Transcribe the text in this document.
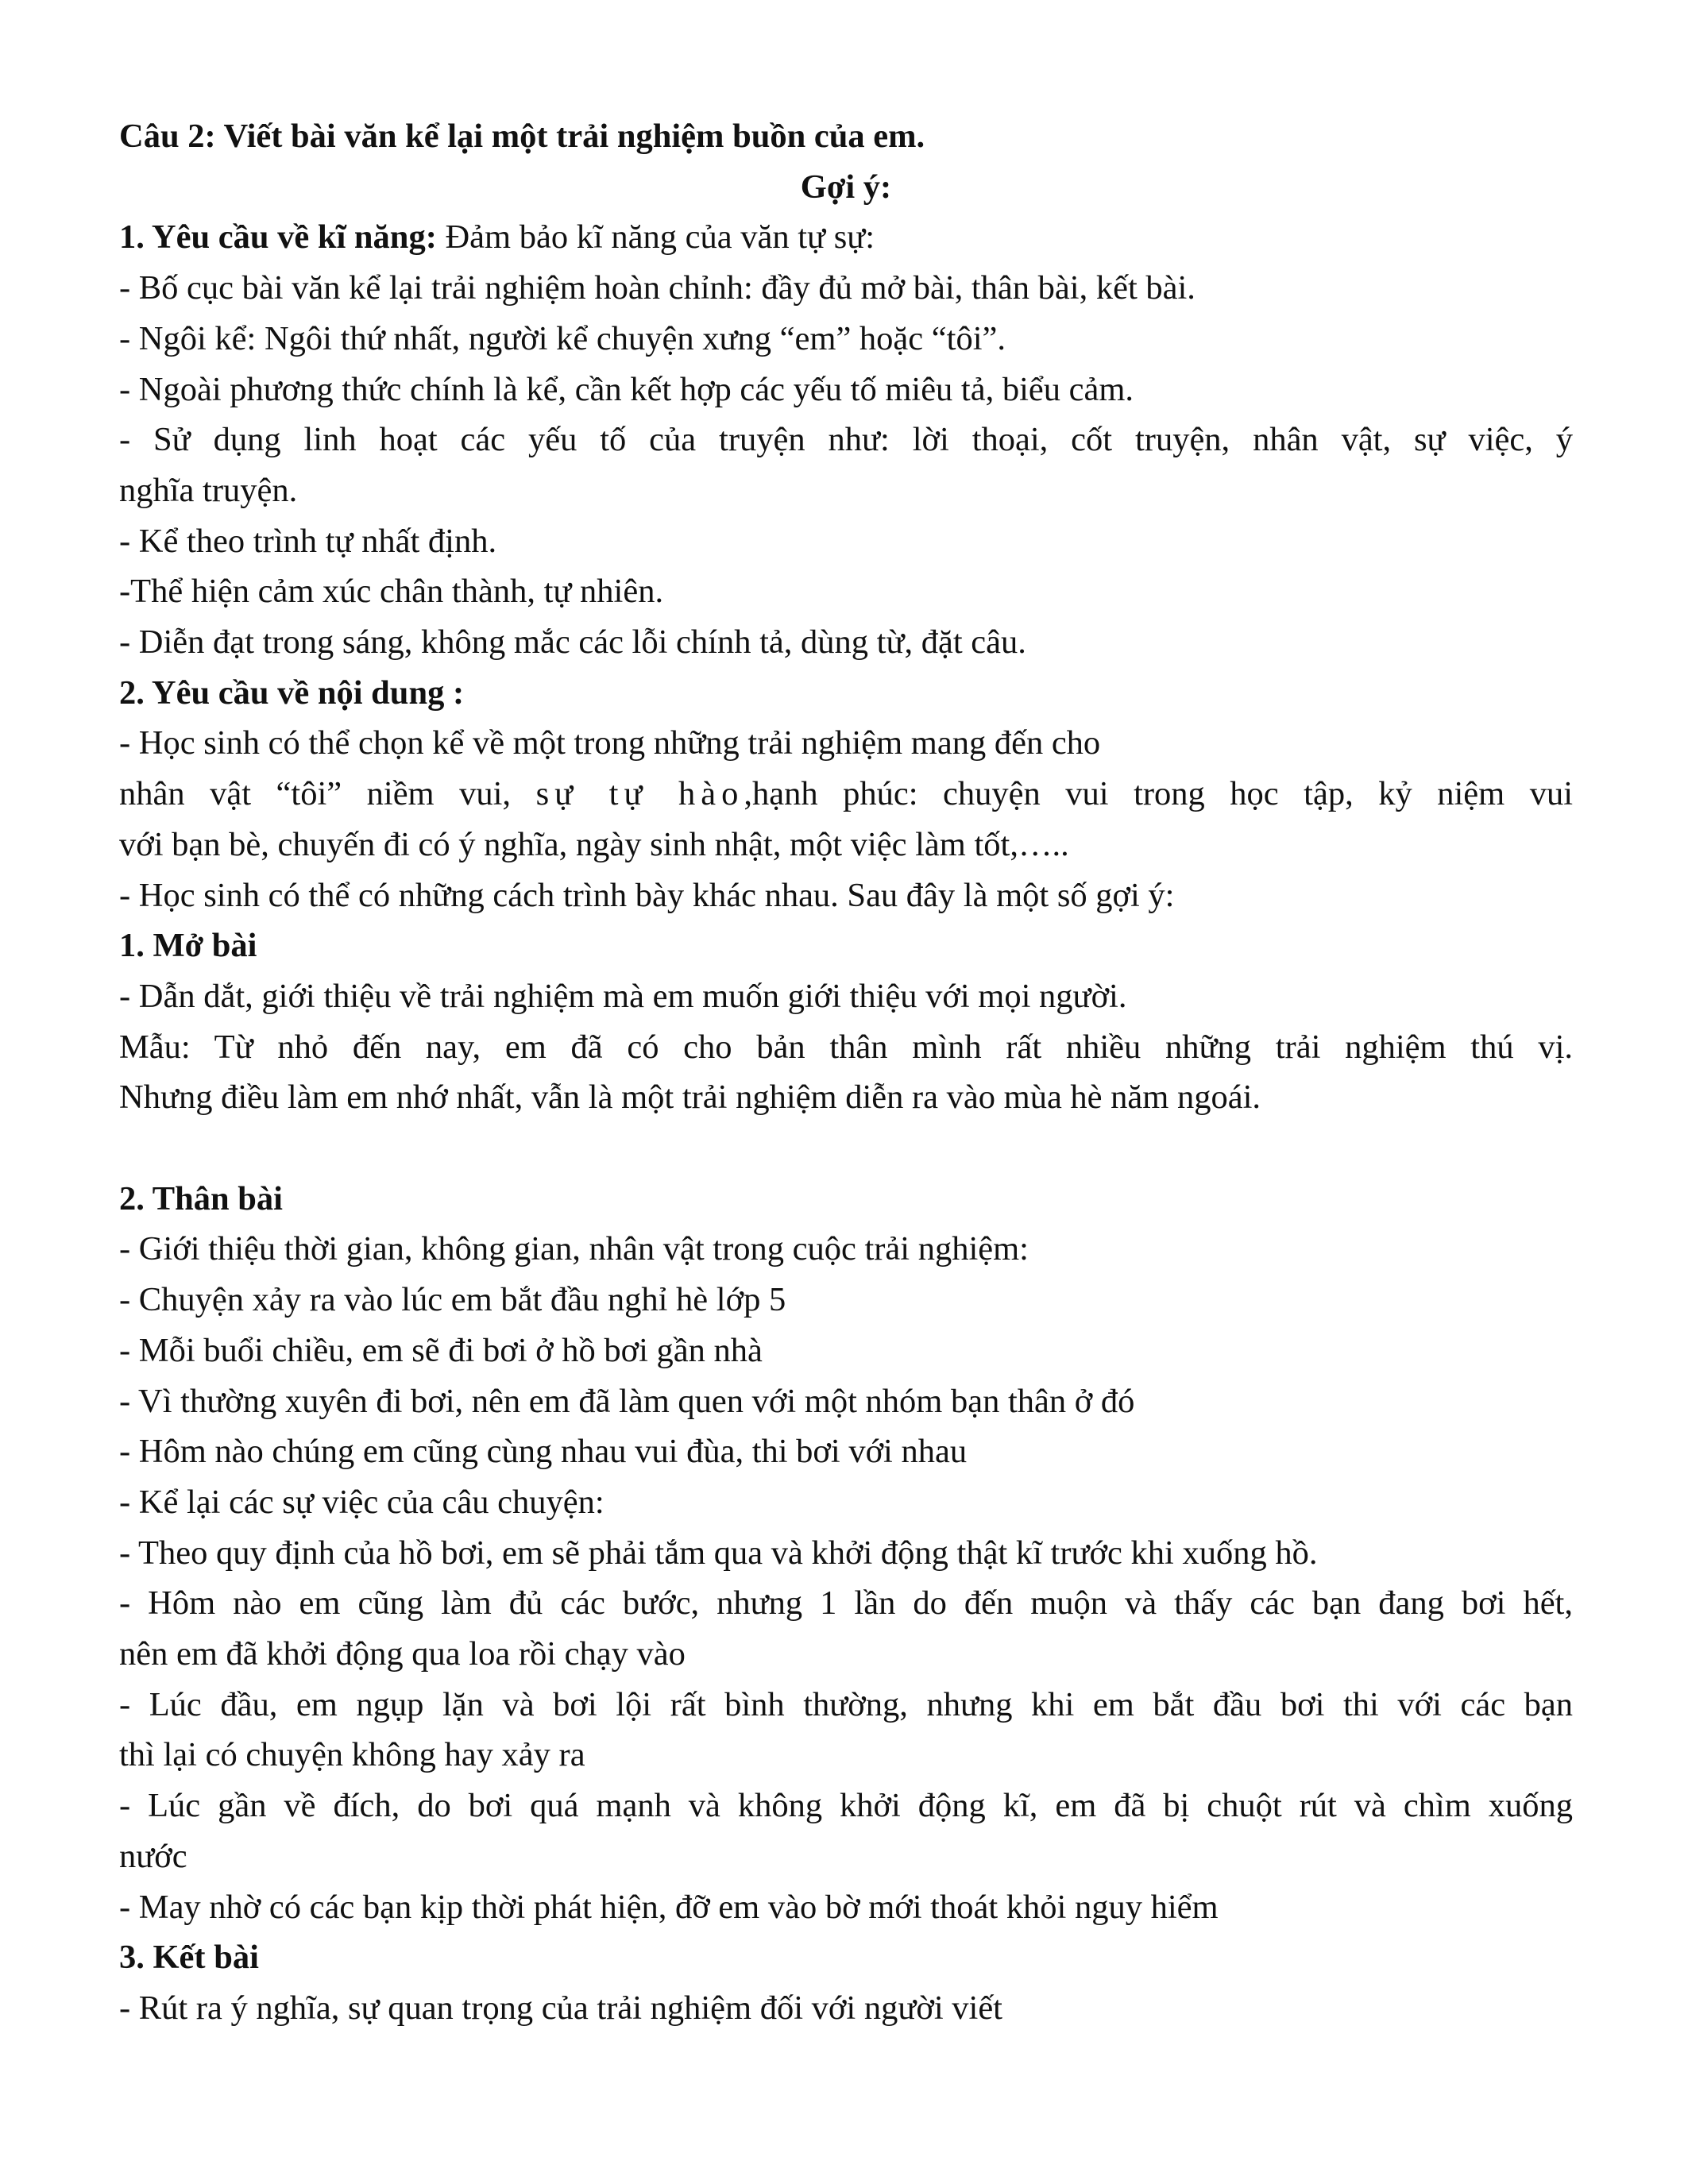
Câu 2: Viết bài văn kể lại một trải nghiệm buồn của em.
Gợi ý:
1. Yêu cầu về kĩ năng: Đảm bảo kĩ năng của văn tự sự:
- Bố cục bài văn kể lại trải nghiệm hoàn chỉnh: đầy đủ mở bài, thân bài, kết bài.
- Ngôi kể: Ngôi thứ nhất, người kể chuyện xưng “em” hoặc “tôi”.
- Ngoài phương thức chính là kể, cần kết hợp các yếu tố miêu tả, biểu cảm.
- Sử dụng linh hoạt các yếu tố của truyện như: lời thoại, cốt truyện, nhân vật, sự việc, ý
nghĩa truyện.
- Kể theo trình tự nhất định.
-Thể hiện cảm xúc chân thành, tự nhiên.
- Diễn đạt trong sáng, không mắc các lỗi chính tả, dùng từ, đặt câu.
2. Yêu cầu về nội dung :
- Học sinh có thể chọn kể về một trong những trải nghiệm mang đến cho
nhân vật “tôi” niềm vui, sự tự hào,hạnh phúc: chuyện vui trong học tập, kỷ niệm vui
với bạn bè, chuyến đi có ý nghĩa, ngày sinh nhật, một việc làm tốt,…..
- Học sinh có thể có những cách trình bày khác nhau. Sau đây là một số gợi ý:
1. Mở bài
- Dẫn dắt, giới thiệu về trải nghiệm mà em muốn giới thiệu với mọi người.
Mẫu: Từ nhỏ đến nay, em đã có cho bản thân mình rất nhiều những trải nghiệm thú vị.
Nhưng điều làm em nhớ nhất, vẫn là một trải nghiệm diễn ra vào mùa hè năm ngoái.
2. Thân bài
- Giới thiệu thời gian, không gian, nhân vật trong cuộc trải nghiệm:
- Chuyện xảy ra vào lúc em bắt đầu nghỉ hè lớp 5
- Mỗi buổi chiều, em sẽ đi bơi ở hồ bơi gần nhà
- Vì thường xuyên đi bơi, nên em đã làm quen với một nhóm bạn thân ở đó
- Hôm nào chúng em cũng cùng nhau vui đùa, thi bơi với nhau
- Kể lại các sự việc của câu chuyện:
- Theo quy định của hồ bơi, em sẽ phải tắm qua và khởi động thật kĩ trước khi xuống hồ.
- Hôm nào em cũng làm đủ các bước, nhưng 1 lần do đến muộn và thấy các bạn đang bơi hết,
nên em đã khởi động qua loa rồi chạy vào
- Lúc đầu, em ngụp lặn và bơi lội rất bình thường, nhưng khi em bắt đầu bơi thi với các bạn
thì lại có chuyện không hay xảy ra
- Lúc gần về đích, do bơi quá mạnh và không khởi động kĩ, em đã bị chuột rút và chìm xuống
nước
- May nhờ có các bạn kịp thời phát hiện, đỡ em vào bờ mới thoát khỏi nguy hiểm
3. Kết bài
- Rút ra ý nghĩa, sự quan trọng của trải nghiệm đối với người viết
